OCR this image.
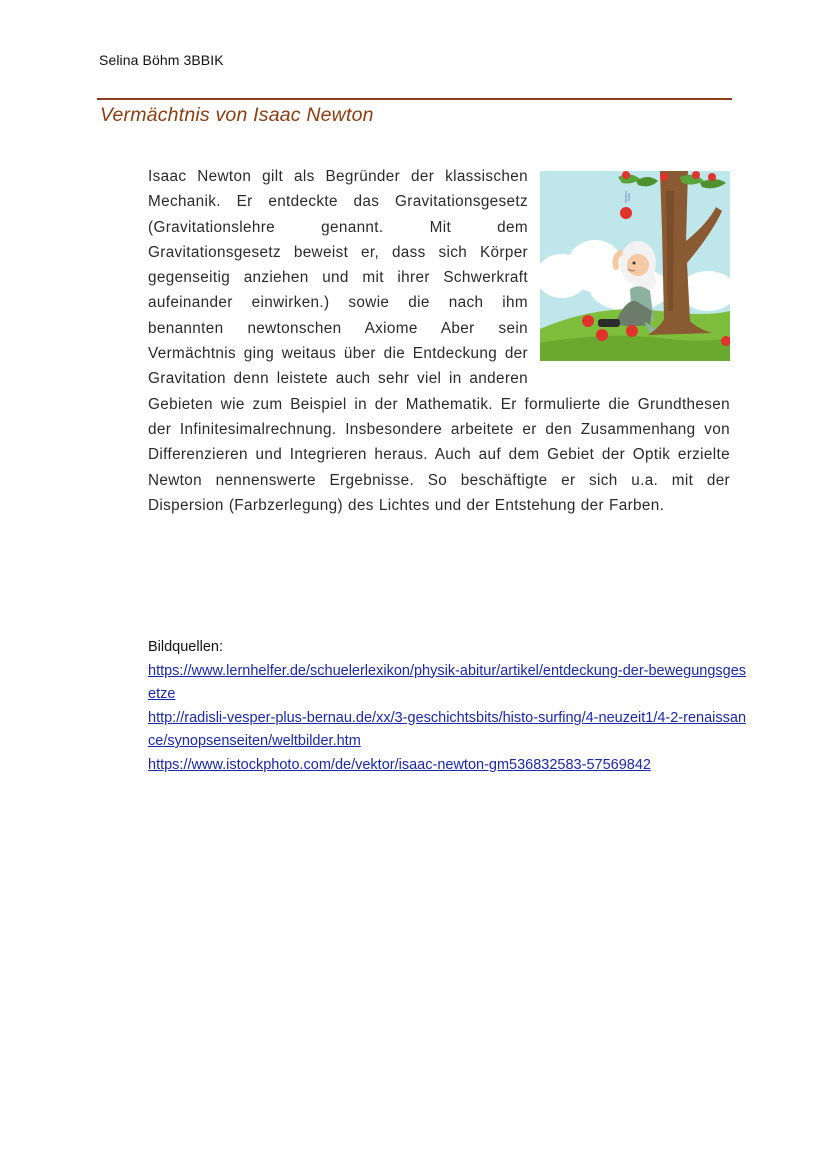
Selina Böhm 3BBIK
Vermächtnis von Isaac Newton

Isaac Newton gilt als Begründer der klassischen Mechanik. Er entdeckte das Gravitationsgesetz (Gravitationslehre genannt. Mit dem Gravitationsgesetz beweist er, dass sich Körper gegenseitig anziehen und mit ihrer Schwerkraft aufeinander einwirken.) sowie die nach ihm benannten newtonschen Axiome Aber sein Vermächtnis ging weitaus über die Entdeckung der Gravitation denn leistete auch sehr viel in anderen Gebieten wie zum Beispiel in der Mathematik. Er formulierte die Grundthesen der Infinitesimalrechnung. Insbesondere arbeitete er den Zusammenhang von Differenzieren und Integrieren heraus. Auch auf dem Gebiet der Optik erzielte Newton nennenswerte Ergebnisse. So beschäftigte er sich u.a. mit der Dispersion (Farbzerlegung) des Lichtes und der Entstehung der Farben.

Bildquellen:
https://www.lernhelfer.de/schuelerlexikon/physik-abitur/artikel/entdeckung-der-bewegungsgesetze
http://radisli-vesper-plus-bernau.de/xx/3-geschichtsbits/histo-surfing/4-neuzeit1/4-2-renaissance/synopsenseiten/weltbilder.htm
https://www.istockphoto.com/de/vektor/isaac-newton-gm536832583-57569842
